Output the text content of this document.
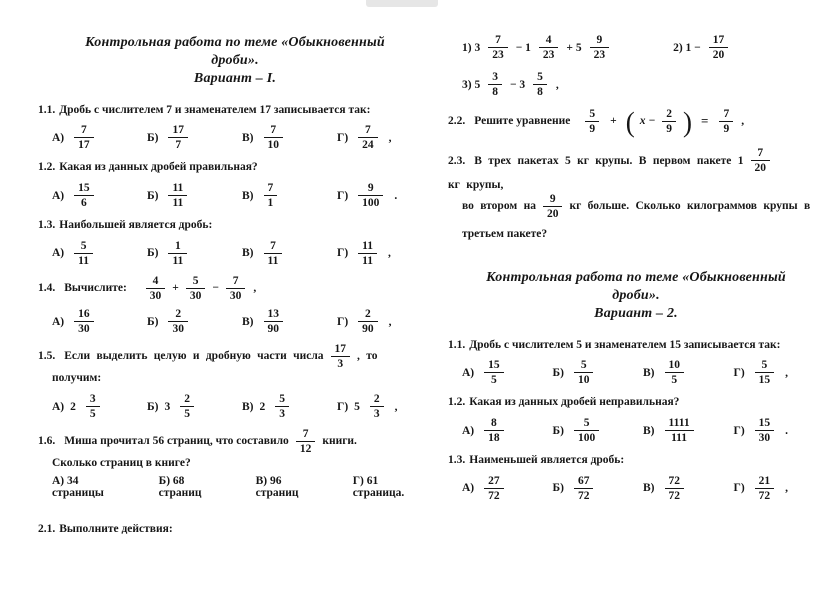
Контрольная работа по теме «Обыкновенный
дроби».
Вариант – I.
1.1. Дробь с числителем 7 и знаменателем 17 записывается так:
$А) \frac{7}{17}$	$Б) \frac{17}{7}$	$В) \frac{7}{10}$	$Г) \frac{7}{24}$ ,
1.2. Какая из данных дробей правильная?
$А) \frac{15}{6}$	$Б) \frac{11}{11}$	$В) \frac{7}{1}$	$Г) \frac{9}{100}$ .
1.3. Наибольшей является дробь:
$А) \frac{5}{11}$	$Б) \frac{1}{11}$	$В) \frac{7}{11}$	$Г) \frac{11}{11}$ ,
1.4. Вычислите: $\frac{4}{30} + \frac{5}{30} - \frac{7}{30}$ ,
$А) \frac{16}{30}$	$Б) \frac{2}{30}$	$В) \frac{13}{90}$	$Г) \frac{2}{90}$ ,
1.5. Если выделить целую и дробную части числа $\frac{17}{3}$ , то
получим:
А) $2 \frac{3}{5}$	Б) $3 \frac{2}{5}$	В) $2 \frac{5}{3}$	Г) $5 \frac{2}{3}$ ,
1.6. Миша прочитал 56 страниц, что составило $\frac{7}{12}$ книги.
Сколько страниц в книге?
А) 34 страницы
Б) 68 страниц
В) 96 страниц
Г) 61 страница.
2.1. Выполните действия:
1) $3 \frac{7}{23} - 1 \frac{4}{23} + 5 \frac{9}{23}$	2) $1 - \frac{17}{20}$
3) $5 \frac{3}{8} - 3 \frac{5}{8}$ ,
2.2. Решите уравнение $\frac{5}{9}$ + ( $x - \frac{2}{9}$ ) = $\frac{7}{9}$ ,
2.3. В трех пакетах 5 кг крупы. В первом пакете $1 \frac{7}{20}$
кг крупы,
во втором на $\frac{9}{20}$ кг больше. Сколько килограммов крупы в
третьем пакете?
Контрольная работа по теме «Обыкновенный
дроби».
Вариант – 2.
1.1. Дробь с числителем 5 и знаменателем 15 записывается так:
$А) \frac{15}{5}$	$Б) \frac{5}{10}$	$В) \frac{10}{5}$	$Г) \frac{5}{15}$ ,
1.2. Какая из данных дробей неправильная?
$А) \frac{8}{18}$	$Б) \frac{5}{100}$	$В) \frac{1111}{111}$	$Г) \frac{15}{30}$ .
1.3. Наименьшей является дробь:
$А) \frac{27}{72}$	$Б) \frac{67}{72}$	$В) \frac{72}{72}$	$Г) \frac{21}{72}$ ,
